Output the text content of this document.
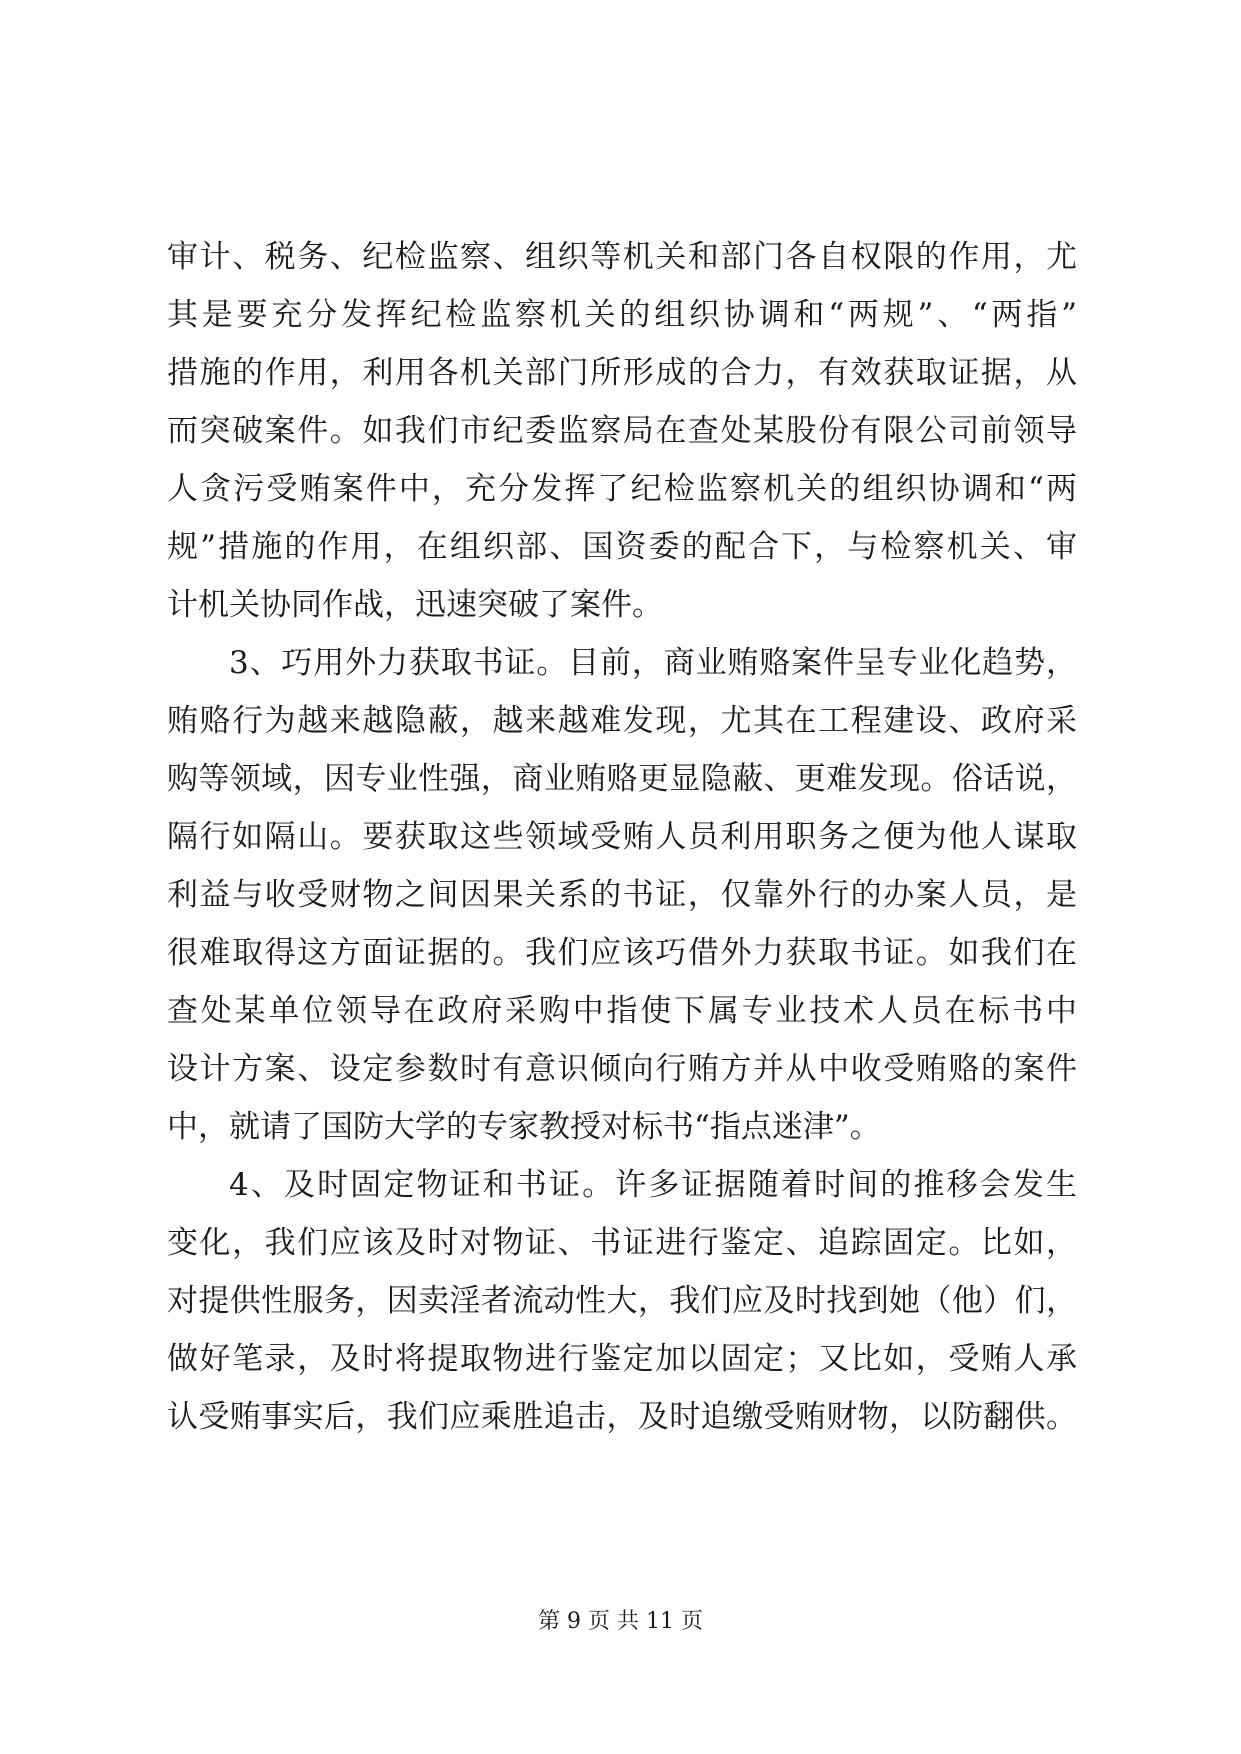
审计、税务、纪检监察、组织等机关和部门各自权限的作用，尤
其是要充分发挥纪检监察机关的组织协调和“两规”、“两指”
措施的作用，利用各机关部门所形成的合力，有效获取证据，从
而突破案件。如我们市纪委监察局在查处某股份有限公司前领导
人贪污受贿案件中，充分发挥了纪检监察机关的组织协调和“两
规”措施的作用，在组织部、国资委的配合下，与检察机关、审
计机关协同作战，迅速突破了案件。
3、巧用外力获取书证。目前，商业贿赂案件呈专业化趋势，
贿赂行为越来越隐蔽，越来越难发现，尤其在工程建设、政府采
购等领域，因专业性强，商业贿赂更显隐蔽、更难发现。俗话说，
隔行如隔山。要获取这些领域受贿人员利用职务之便为他人谋取
利益与收受财物之间因果关系的书证，仅靠外行的办案人员，是
很难取得这方面证据的。我们应该巧借外力获取书证。如我们在
查处某单位领导在政府采购中指使下属专业技术人员在标书中
设计方案、设定参数时有意识倾向行贿方并从中收受贿赂的案件
中，就请了国防大学的专家教授对标书“指点迷津”。
4、及时固定物证和书证。许多证据随着时间的推移会发生
变化，我们应该及时对物证、书证进行鉴定、追踪固定。比如，
对提供性服务，因卖淫者流动性大，我们应及时找到她（他）们，
做好笔录，及时将提取物进行鉴定加以固定；又比如，受贿人承
认受贿事实后，我们应乘胜追击，及时追缴受贿财物，以防翻供。
第 9 页 共 11 页
